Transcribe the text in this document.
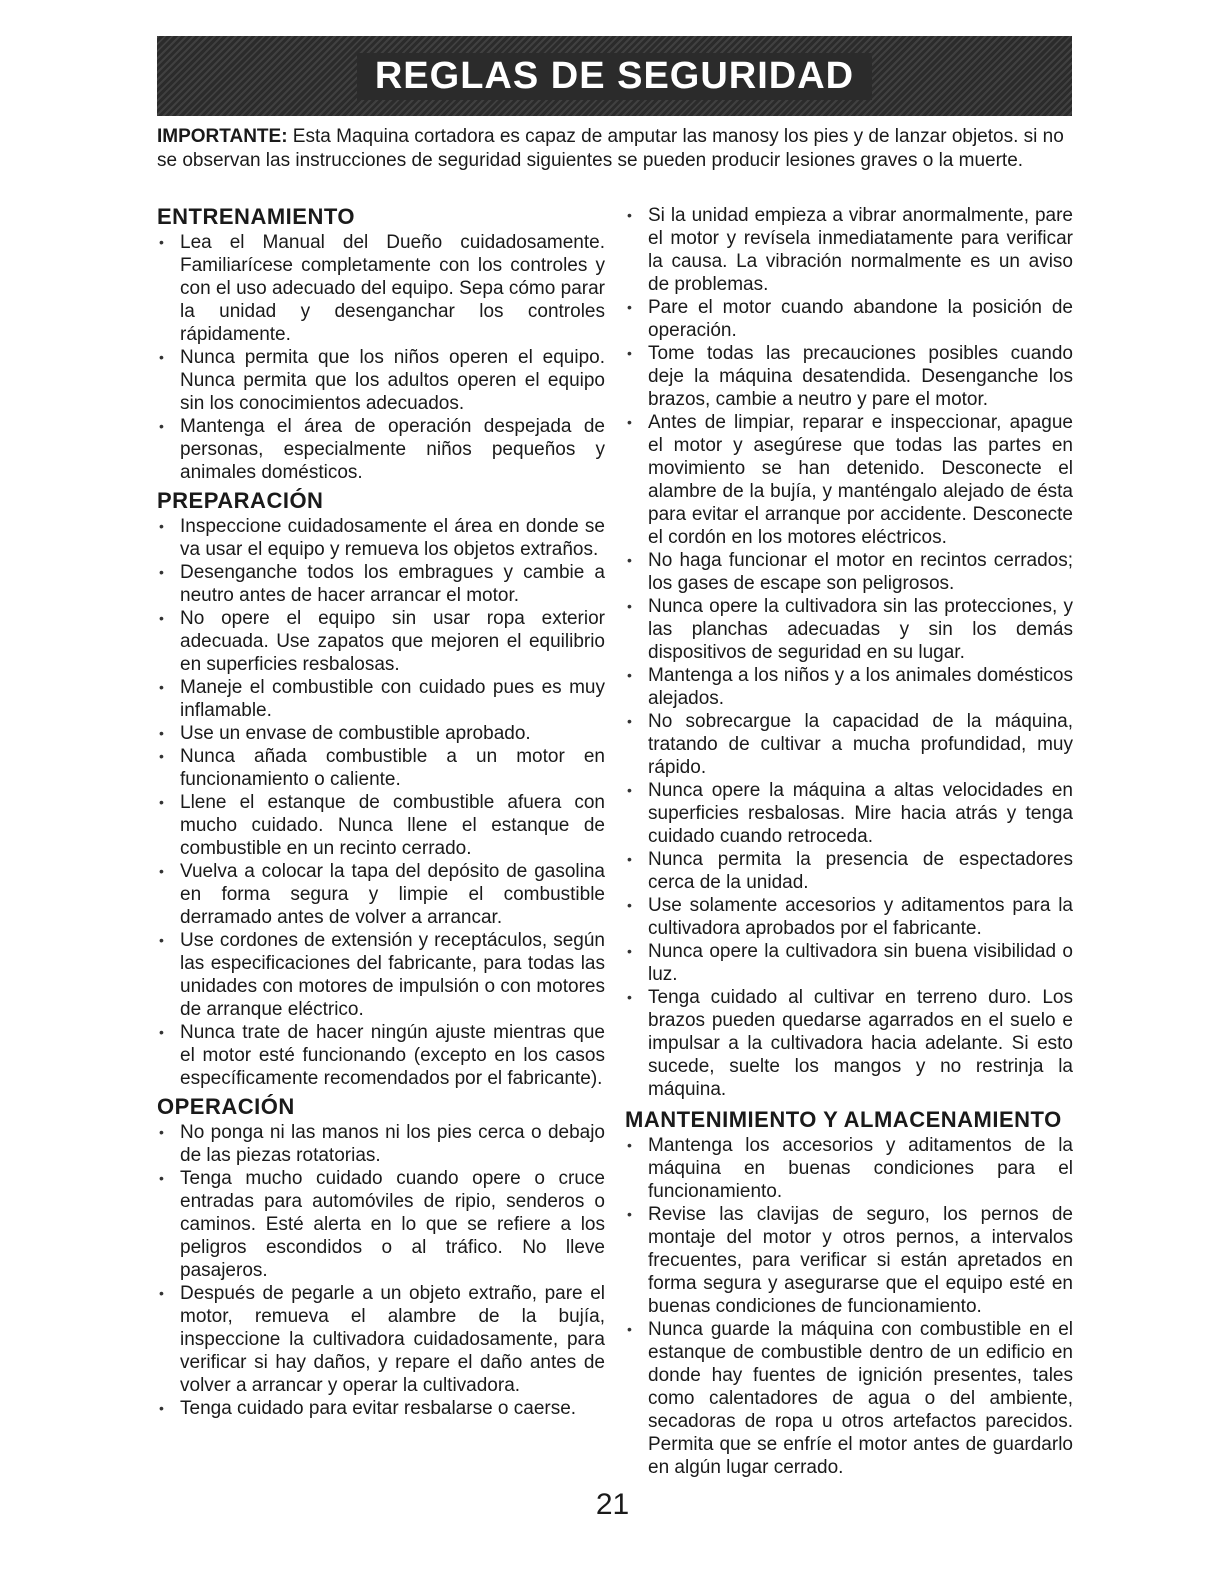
REGLAS DE SEGURIDAD

IMPORTANTE: Esta Maquina cortadora es capaz de amputar las manosy los pies y de lanzar objetos. si no se observan las instrucciones de seguridad siguientes se pueden producir lesiones graves o la muerte.

ENTRENAMIENTO
• Lea el Manual del Dueño cuidadosamente. Familiarícese completamente con los controles y con el uso adecuado del equipo. Sepa cómo parar la unidad y desenganchar los controles rápidamente.
• Nunca permita que los niños operen el equipo. Nunca permita que los adultos operen el equipo sin los conocimientos adecuados.
• Mantenga el área de operación despejada de personas, especialmente niños pequeños y animales domésticos.
PREPARACIÓN
• Inspeccione cuidadosamente el área en donde se va usar el equipo y remueva los objetos extraños.
• Desenganche todos los embragues y cambie a neutro antes de hacer arrancar el motor.
• No opere el equipo sin usar ropa exterior adecuada. Use zapatos que mejoren el equilibrio en superficies resbalosas.
• Maneje el combustible con cuidado pues es muy inflamable.
• Use un envase de combustible aprobado.
• Nunca añada combustible a un motor en funcionamiento o caliente.
• Llene el estanque de combustible afuera con mucho cuidado. Nunca llene el estanque de combustible en un recinto cerrado.
• Vuelva a colocar la tapa del depósito de gasolina en forma segura y limpie el combustible derramado antes de volver a arrancar.
• Use cordones de extensión y receptáculos, según las especificaciones del fabricante, para todas las unidades con motores de impulsión o con motores de arranque eléctrico.
• Nunca trate de hacer ningún ajuste mientras que el motor esté funcionando (excepto en los casos específicamente recomendados por el fabricante).
OPERACIÓN
• No ponga ni las manos ni los pies cerca o debajo de las piezas rotatorias.
• Tenga mucho cuidado cuando opere o cruce entradas para automóviles de ripio, senderos o caminos. Esté alerta en lo que se refiere a los peligros escondidos o al tráfico. No lleve pasajeros.
• Después de pegarle a un objeto extraño, pare el motor, remueva el alambre de la bujía, inspeccione la cultivadora cuidadosamente, para verificar si hay daños, y repare el daño antes de volver a arrancar y operar la cultivadora.
• Tenga cuidado para evitar resbalarse o caerse.
• Si la unidad empieza a vibrar anormalmente, pare el motor y revísela inmediatamente para verificar la causa. La vibración normalmente es un aviso de problemas.
• Pare el motor cuando abandone la posición de operación.
• Tome todas las precauciones posibles cuando deje la máquina desatendida. Desenganche los brazos, cambie a neutro y pare el motor.
• Antes de limpiar, reparar e inspeccionar, apague el motor y asegúrese que todas las partes en movimiento se han detenido. Desconecte el alambre de la bujía, y manténgalo alejado de ésta para evitar el arranque por accidente. Desconecte el cordón en los motores eléctricos.
• No haga funcionar el motor en recintos cerrados; los gases de escape son peligrosos.
• Nunca opere la cultivadora sin las protecciones, y las planchas adecuadas y sin los demás dispositivos de seguridad en su lugar.
• Mantenga a los niños y a los animales domésticos alejados.
• No sobrecargue la capacidad de la máquina, tratando de cultivar a mucha profundidad, muy rápido.
• Nunca opere la máquina a altas velocidades en superficies resbalosas. Mire hacia atrás y tenga cuidado cuando retroceda.
• Nunca permita la presencia de espectadores cerca de la unidad.
• Use solamente accesorios y aditamentos para la cultivadora aprobados por el fabricante.
• Nunca opere la cultivadora sin buena visibilidad o luz.
• Tenga cuidado al cultivar en terreno duro. Los brazos pueden quedarse agarrados en el suelo e impulsar a la cultivadora hacia adelante. Si esto sucede, suelte los mangos y no restrinja la máquina.
MANTENIMIENTO Y ALMACENAMIENTO
• Mantenga los accesorios y aditamentos de la máquina en buenas condiciones para el funcionamiento.
• Revise las clavijas de seguro, los pernos de montaje del motor y otros pernos, a intervalos frecuentes, para verificar si están apretados en forma segura y asegurarse que el equipo esté en buenas condiciones de funcionamiento.
• Nunca guarde la máquina con combustible en el estanque de combustible dentro de un edificio en donde hay fuentes de ignición presentes, tales como calentadores de agua o del ambiente, secadoras de ropa u otros artefactos parecidos. Permita que se enfríe el motor antes de guardarlo en algún lugar cerrado.
21
